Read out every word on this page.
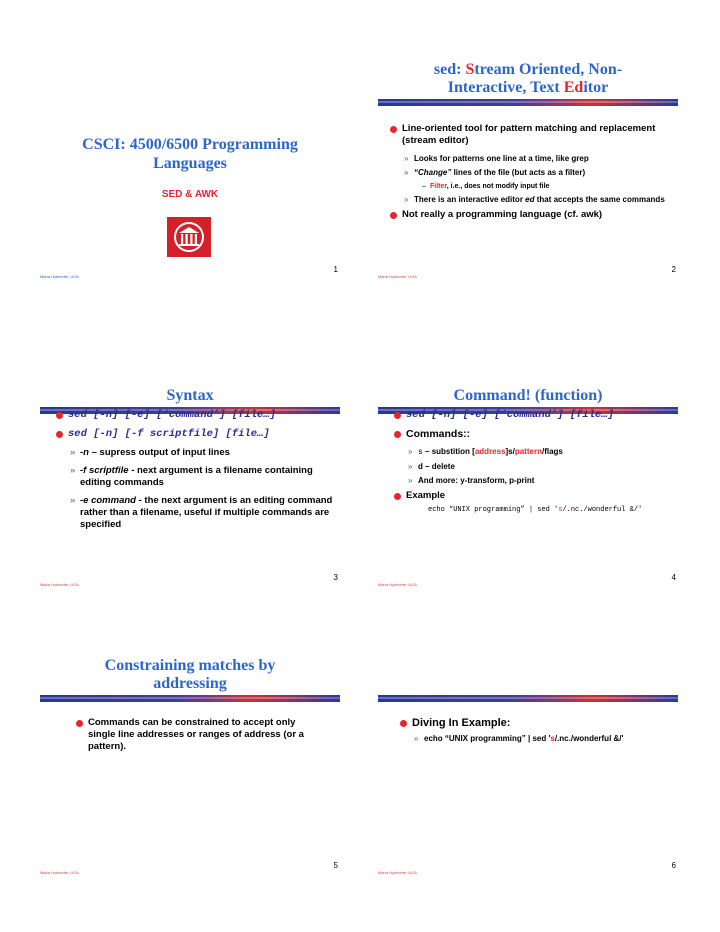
CSCI: 4500/6500 Programming
Languages
SED & AWK
1
Maria Hybinette, UGA
sed: Stream Oriented, Non-
Interactive, Text Editor
Line-oriented tool for pattern matching and replacement (stream editor)
» Looks for patterns one line at a time, like grep
» “Change” lines of the file (but acts as a filter)
– Filter, i.e., does not modify input file
» There is an interactive editor ed that accepts the same commands
Not really a programming language (cf. awk)
2
Maria Hybinette, UGA
Syntax
sed [-n] [-e] [‘command’] [file…]
sed [-n] [-f scriptfile] [file…]
» -n – supress output of input lines
» -f scriptfile - next argument is a filename containing editing commands
» -e command - the next argument is an editing command rather than a filename, useful if multiple commands are specified
3
Maria Hybinette, UGA
Command! (function)
sed [-n] [-e] [‘command’] [file…]
Commands::
» s – substition [address]s/pattern/flags
» d – delete
» And more: y-transform, p-print
Example
echo “UNIX programming” | sed 's/.nc./wonderful &/'
4
Maria Hybinette, UGA
Constraining matches by
addressing
Commands can be constrained to accept only single line addresses or ranges of address (or a pattern).
5
Maria Hybinette, UGA
Diving In Example:
» echo “UNIX programming” | sed 's/.nc./wonderful &/'
6
Maria Hybinette, UGA
